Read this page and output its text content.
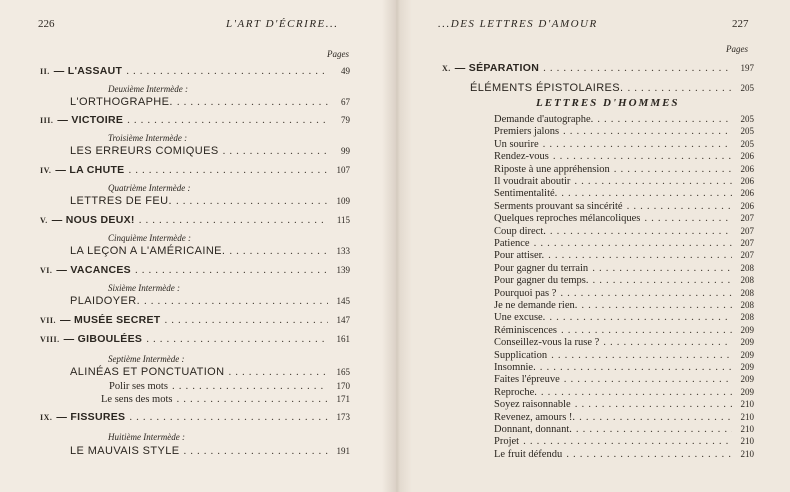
226	L'ART D'ÉCRIRE...
Pages
II. — L'ASSAUT .....	49
Deuxième Intermède :
L'ORTHOGRAPHE. .....	67
III. — VICTOIRE .....	79
Troisième Intermède :
LES ERREURS COMIQUES .....	99
IV. — LA CHUTE .....	107
Quatrième Intermède :
LETTRES DE FEU. .....	109
V. — NOUS DEUX! .....	115
Cinquième Intermède :
LA LEÇON A L'AMÉRICAINE. .....	133
VI. — VACANCES .....	139
Sixième Intermède :
PLAIDOYER. .....	145
VII. — MUSÉE SECRET .....	147
VIII. — GIBOULÉES .....	161
Septième Intermède :
ALINÉAS ET PONCTUATION .....	165
Polir ses mots .....	170
Le sens des mots .....	171
IX. — FISSURES .....	173
Huitième Intermède :
LE MAUVAIS STYLE .....	191
...DES LETTRES D'AMOUR	227
Pages
X. — SÉPARATION .....	197
ÉLÉMENTS ÉPISTOLAIRES. .....	205
LETTRES D'HOMMES
Demande d'autographe. .....	205
Premiers jalons .....	205
Un sourire .....	205
Rendez-vous .....	206
Riposte à une appréhension .....	206
Il voudrait aboutir .....	206
Sentimentalité. .....	206
Serments prouvant sa sincérité .....	206
Quelques reproches mélancoliques .....	207
Coup direct. .....	207
Patience .....	207
Pour attiser. .....	207
Pour gagner du terrain .....	208
Pour gagner du temps. .....	208
Pourquoi pas ? .....	208
Je ne demande rien. .....	208
Une excuse. .....	208
Réminiscences .....	209
Conseillez-vous la ruse ? .....	209
Supplication .....	209
Insomnie. .....	209
Faites l'épreuve .....	209
Reproche. .....	209
Soyez raisonnable .....	210
Revenez, amours !. .....	210
Donnant, donnant. .....	210
Projet .....	210
Le fruit défendu .....	210
